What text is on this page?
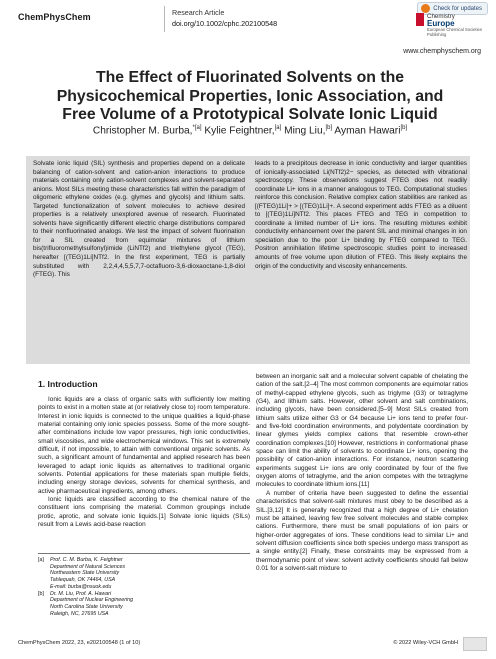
ChemPhysChem	Research Article
doi.org/10.1002/cphc.202100548
Check for updates
Chemistry
Europe
European Chemical Societies Publishing
www.chemphyschem.org
The Effect of Fluorinated Solvents on the Physicochemical Properties, Ionic Association, and Free Volume of a Prototypical Solvate Ionic Liquid
Christopher M. Burba,$^{*[a]}$ Kylie Feightner,[a] Ming Liu,[b] Ayman Hawari[b]
Solvate ionic liquid (SIL) synthesis and properties depend on a delicate balancing of cation-solvent and cation-anion interactions to produce materials containing only cation-solvent complexes and solvent-separated anions. Most SILs meeting these characteristics fall within the paradigm of oligomeric ethylene oxides (e.g. glymes and glycols) and lithium salts. Targeted functionalization of solvent molecules to achieve desired properties is a relatively unexplored avenue of research. Fluorinated solvents have significantly different electric charge distributions compared to their nonfluorinated analogs. We test the impact of solvent fluorination for a SIL created from equimolar mixtures of lithium bis(trifluoromethylsulfonyl)imide (LiNTf2) and triethylene glycol (TEG), hereafter [(TEG)1Li]NTf2. In the first experiment, TEG is partially substituted with 2,2,4,4,5,5,7,7-octafluoro-3,6-dioxaoctane-1,8-diol (FTEG). This
leads to a precipitous decrease in ionic conductivity and larger quantities of ionically-associated Li(NTf2)2− species, as detected with vibrational spectroscopy. These observations suggest FTEG does not readily coordinate Li+ ions in a manner analogous to TEG. Computational studies reinforce this conclusion. Relative complex cation stabilities are ranked as [(FTEG)1Li]+ > [(TEG)1Li]+. A second experiment adds FTEG as a diluent to [(TEG)1Li]NTf2. This places FTEG and TEG in competition to coordinate a limited number of Li+ ions. The resulting mixtures exhibit conductivity enhancement over the parent SIL and minimal changes in ion speciation due to the poor Li+ binding by FTEG compared to TEG. Positron annihilation lifetime spectroscopic studies point to increased amounts of free volume upon dilution of FTEG. This likely explains the origin of the conductivity and viscosity enhancements.
1. Introduction

Ionic liquids are a class of organic salts with sufficiently low melting points to exist in a molten state at (or relatively close to) room temperature. Interest in ionic liquids is connected to the unique qualities a liquid-phase material containing only ionic species possess. Some of the more sought-after combinations include low vapor pressures, high ionic conductivities, small viscosities, and wide electrochemical windows. This set is extremely difficult, if not impossible, to attain with conventional organic solvents. As such, a significant amount of fundamental and applied research has been leveraged to adapt ionic liquids as alternatives to traditional organic solvents. Potential applications for these materials span multiple fields, including energy storage devices, solvents for chemical synthesis, and active pharmaceutical ingredients, among others.

Ionic liquids are classified according to the chemical nature of the constituent ions comprising the material. Common groupings include protic, aprotic, and solvate ionic liquids.[1] Solvate ionic liquids (SILs) result from a Lewis acid-base reaction

between an inorganic salt and a molecular solvent capable of chelating the cation of the salt.[2–4] The most common components are equimolar ratios of methyl-capped ethylene glycols, such as triglyme (G3) or tetraglyme (G4), and lithium salts. However, other solvent and salt combinations, including glycols, have been considered.[5–9] Most SILs created from lithium salts utilize either G3 or G4 because Li+ ions tend to prefer four- and five-fold coordination environments, and polydentate coordination by linear glymes yields complex cations that resemble crown-ether coordination complexes.[10] However, restrictions in conformational phase space can limit the ability of solvents to coordinate Li+ ions, opening the possibility of cation-anion interactions. For instance, neutron scattering experiments suggest Li+ ions are only coordinated by four of the five oxygen atoms of tetraglyme, and the anion competes with the tetraglyme molecules to coordinate lithium ions.[11]

A number of criteria have been suggested to define the essential characteristics that solvent-salt mixtures must obey to be described as a SIL.[3,12] It is generally recognized that a high degree of Li+ chelation must be attained, leaving few free solvent molecules and stable complex cations. Furthermore, there must be small populations of ion pairs or higher-order aggregates of ions. These conditions lead to similar Li+ and solvent diffusion coefficients since both species undergo mass transport as a single entity.[2] Finally, these constraints may be expressed from a thermodynamic point of view: solvent activity coefficients should fall below 0.01 for a solvent-salt mixture to

[a] Prof. C. M. Burba, K. Feightner
Department of Natural Sciences
Northeastern State University
Tahlequah, OK 74464, USA
E-mail: burba@nsuok.edu
[b] Dr. M. Liu, Prof. A. Hawari
Department of Nuclear Engineering
North Carolina State University
Raleigh, NC, 27695 USA
ChemPhysChem 2022, 23, e202100548 (1 of 10)	© 2022 Wiley-VCH GmbH
